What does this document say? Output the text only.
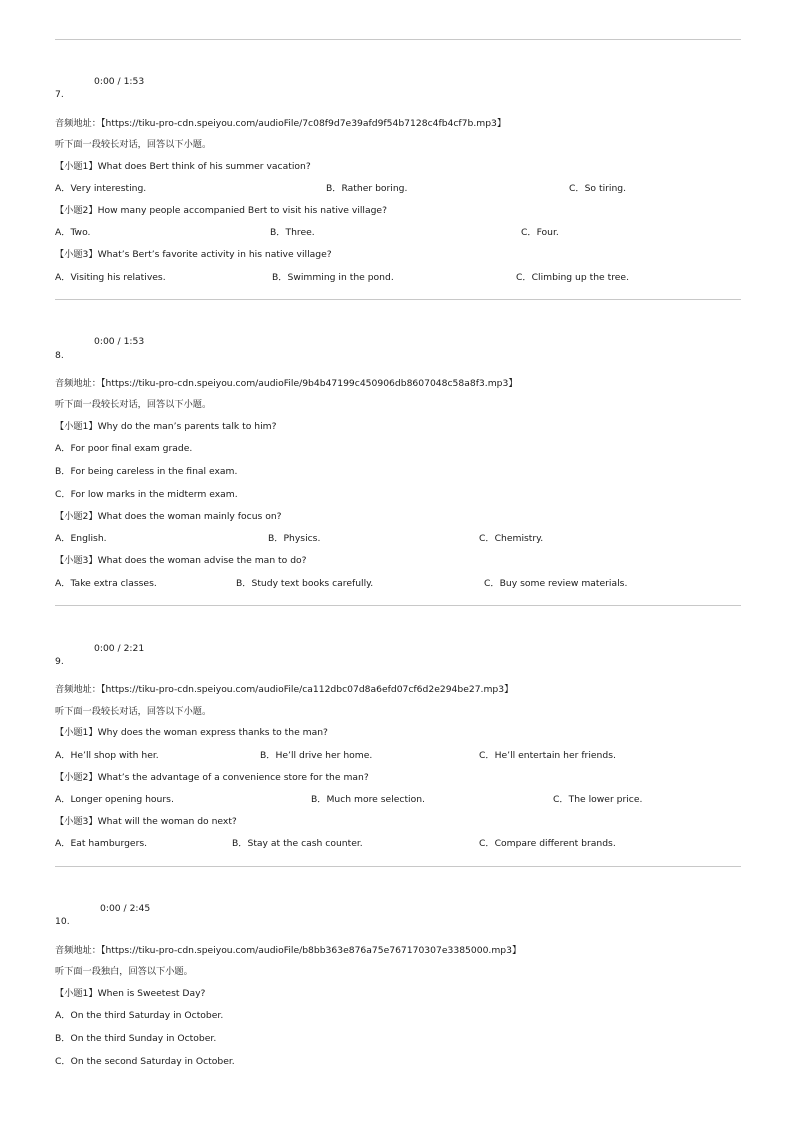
0:00 / 1:53
7.
音频地址：【https://tiku-pro-cdn.speiyou.com/audioFile/7c08f9d7e39afd9f54b7128c4fb4cf7b.mp3】
听下面一段较长对话，回答以下小题。
【小题1】What does Bert think of his summer vacation?
A．Very interesting.	B．Rather boring.	C．So tiring.
【小题2】How many people accompanied Bert to visit his native village?
A．Two.	B．Three.	C．Four.
【小题3】What’s Bert’s favorite activity in his native village?
A．Visiting his relatives.	B．Swimming in the pond.	C．Climbing up the tree.
0:00 / 1:53
8.
音频地址：【https://tiku-pro-cdn.speiyou.com/audioFile/9b4b47199c450906db8607048c58a8f3.mp3】
听下面一段较长对话，回答以下小题。
【小题1】Why do the man’s parents talk to him?
A．For poor final exam grade.
B．For being careless in the final exam.
C．For low marks in the midterm exam.
【小题2】What does the woman mainly focus on?
A．English.	B．Physics.	C．Chemistry.
【小题3】What does the woman advise the man to do?
A．Take extra classes.	B．Study text books carefully.	C．Buy some review materials.
0:00 / 2:21
9.
音频地址：【https://tiku-pro-cdn.speiyou.com/audioFile/ca112dbc07d8a6efd07cf6d2e294be27.mp3】
听下面一段较长对话，回答以下小题。
【小题1】Why does the woman express thanks to the man?
A．He’ll shop with her.	B．He’ll drive her home.	C．He’ll entertain her friends.
【小题2】What’s the advantage of a convenience store for the man?
A．Longer opening hours.	B．Much more selection.	C．The lower price.
【小题3】What will the woman do next?
A．Eat hamburgers.	B．Stay at the cash counter.	C．Compare different brands.
0:00 / 2:45
10.
音频地址：【https://tiku-pro-cdn.speiyou.com/audioFile/b8bb363e876a75e767170307e3385000.mp3】
听下面一段独白，回答以下小题。
【小题1】When is Sweetest Day?
A．On the third Saturday in October.
B．On the third Sunday in October.
C．On the second Saturday in October.
